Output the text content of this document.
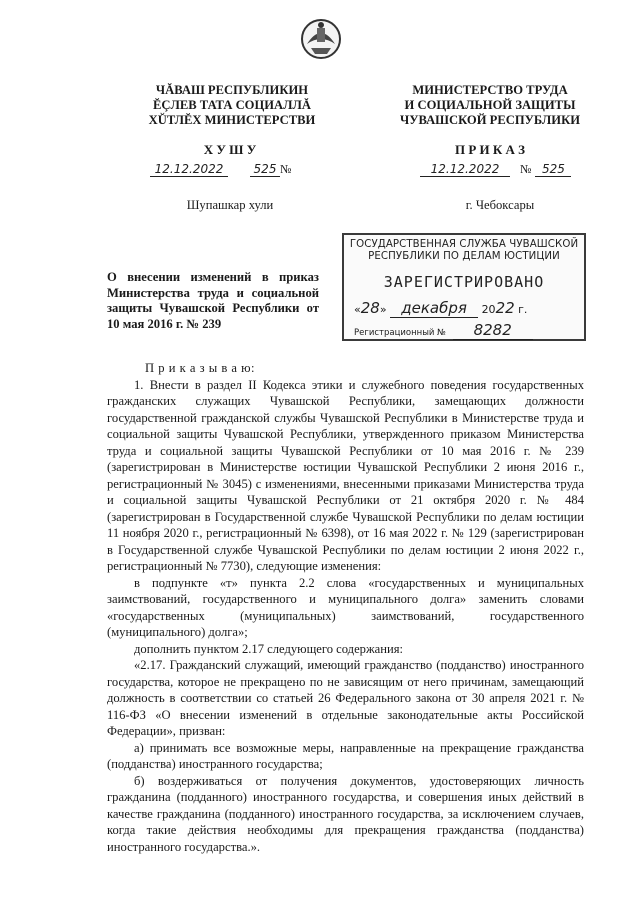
ЧĂВАШ РЕСПУБЛИКИН
ĔÇЛЕВ ТАТА СОЦИАЛЛĂ
ХŬТЛĔХ МИНИСТЕРСТВИ
МИНИСТЕРСТВО ТРУДА
И СОЦИАЛЬНОЙ ЗАЩИТЫ
ЧУВАШСКОЙ РЕСПУБЛИКИ
Х У Ш У	П Р И К А З
12.12.2022	525 №	12.12.2022 № 525
Шупашкар хули	г. Чебоксары
ГОСУДАРСТВЕННАЯ СЛУЖБА ЧУВАШСКОЙ
РЕСПУБЛИКИ ПО ДЕЛАМ ЮСТИЦИИ
ЗАРЕГИСТРИРОВАНО
«28» декабря 2022 г.
Регистрационный № 8282
О внесении изменений в приказ Министерства труда и социальной защиты Чувашской Республики от 10 мая 2016 г. № 239

П р и к а з ы в а ю:

1. Внести в раздел II Кодекса этики и служебного поведения государственных гражданских служащих Чувашской Республики, замещающих должности государственной гражданской службы Чувашской Республики в Министерстве труда и социальной защиты Чувашской Республики, утвержденного приказом Министерства труда и социальной защиты Чувашской Республики от 10 мая 2016 г. № 239 (зарегистрирован в Министерстве юстиции Чувашской Республики 2 июня 2016 г., регистрационный № 3045) с изменениями, внесенными приказами Министерства труда и социальной защиты Чувашской Республики от 21 октября 2020 г. № 484 (зарегистрирован в Государственной службе Чувашской Республики по делам юстиции 11 ноября 2020 г., регистрационный № 6398), от 16 мая 2022 г. № 129 (зарегистрирован в Государственной службе Чувашской Республики по делам юстиции 2 июня 2022 г., регистрационный № 7730), следующие изменения:

в подпункте «т» пункта 2.2 слова «государственных и муниципальных заимствований, государственного и муниципального долга» заменить словами «государственных (муниципальных) заимствований, государственного (муниципального) долга»;

дополнить пунктом 2.17 следующего содержания:

«2.17. Гражданский служащий, имеющий гражданство (подданство) иностранного государства, которое не прекращено по не зависящим от него причинам, замещающий должность в соответствии со статьей 26 Федерального закона от 30 апреля 2021 г. № 116-ФЗ «О внесении изменений в отдельные законодательные акты Российской Федерации», призван:

а) принимать все возможные меры, направленные на прекращение гражданства (подданства) иностранного государства;

б) воздерживаться от получения документов, удостоверяющих личность гражданина (подданного) иностранного государства, и совершения иных действий в качестве гражданина (подданного) иностранного государства, за исключением случаев, когда такие действия необходимы для прекращения гражданства (подданства) иностранного государства.».
